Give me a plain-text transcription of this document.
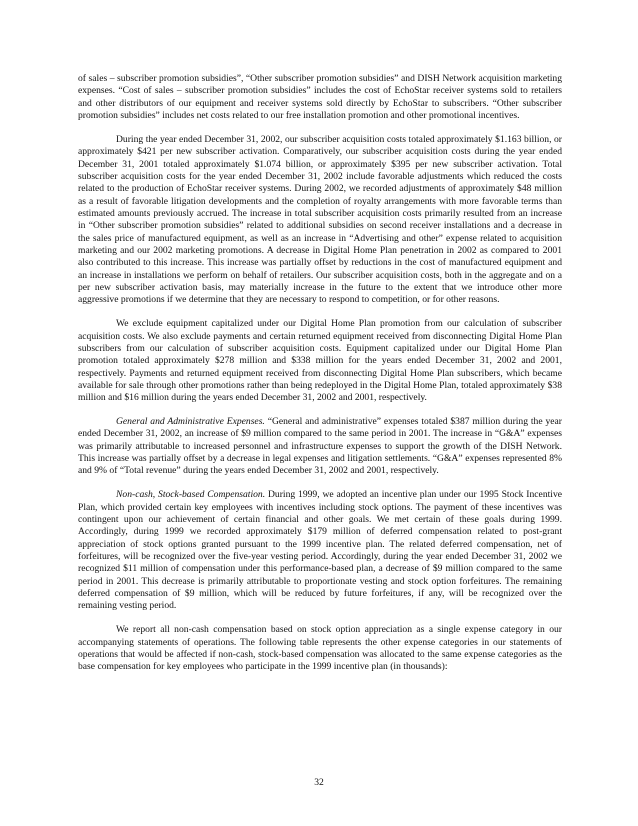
of sales – subscriber promotion subsidies”, “Other subscriber promotion subsidies” and DISH Network acquisition marketing expenses. “Cost of sales – subscriber promotion subsidies” includes the cost of EchoStar receiver systems sold to retailers and other distributors of our equipment and receiver systems sold directly by EchoStar to subscribers. “Other subscriber promotion subsidies” includes net costs related to our free installation promotion and other promotional incentives.

During the year ended December 31, 2002, our subscriber acquisition costs totaled approximately $1.163 billion, or approximately $421 per new subscriber activation. Comparatively, our subscriber acquisition costs during the year ended December 31, 2001 totaled approximately $1.074 billion, or approximately $395 per new subscriber activation. Total subscriber acquisition costs for the year ended December 31, 2002 include favorable adjustments which reduced the costs related to the production of EchoStar receiver systems. During 2002, we recorded adjustments of approximately $48 million as a result of favorable litigation developments and the completion of royalty arrangements with more favorable terms than estimated amounts previously accrued. The increase in total subscriber acquisition costs primarily resulted from an increase in “Other subscriber promotion subsidies” related to additional subsidies on second receiver installations and a decrease in the sales price of manufactured equipment, as well as an increase in “Advertising and other” expense related to acquisition marketing and our 2002 marketing promotions. A decrease in Digital Home Plan penetration in 2002 as compared to 2001 also contributed to this increase. This increase was partially offset by reductions in the cost of manufactured equipment and an increase in installations we perform on behalf of retailers. Our subscriber acquisition costs, both in the aggregate and on a per new subscriber activation basis, may materially increase in the future to the extent that we introduce other more aggressive promotions if we determine that they are necessary to respond to competition, or for other reasons.

We exclude equipment capitalized under our Digital Home Plan promotion from our calculation of subscriber acquisition costs. We also exclude payments and certain returned equipment received from disconnecting Digital Home Plan subscribers from our calculation of subscriber acquisition costs. Equipment capitalized under our Digital Home Plan promotion totaled approximately $278 million and $338 million for the years ended December 31, 2002 and 2001, respectively. Payments and returned equipment received from disconnecting Digital Home Plan subscribers, which became available for sale through other promotions rather than being redeployed in the Digital Home Plan, totaled approximately $38 million and $16 million during the years ended December 31, 2002 and 2001, respectively.

General and Administrative Expenses. “General and administrative” expenses totaled $387 million during the year ended December 31, 2002, an increase of $9 million compared to the same period in 2001. The increase in “G&A” expenses was primarily attributable to increased personnel and infrastructure expenses to support the growth of the DISH Network. This increase was partially offset by a decrease in legal expenses and litigation settlements. “G&A” expenses represented 8% and 9% of “Total revenue” during the years ended December 31, 2002 and 2001, respectively.

Non-cash, Stock-based Compensation. During 1999, we adopted an incentive plan under our 1995 Stock Incentive Plan, which provided certain key employees with incentives including stock options. The payment of these incentives was contingent upon our achievement of certain financial and other goals. We met certain of these goals during 1999. Accordingly, during 1999 we recorded approximately $179 million of deferred compensation related to post-grant appreciation of stock options granted pursuant to the 1999 incentive plan. The related deferred compensation, net of forfeitures, will be recognized over the five-year vesting period. Accordingly, during the year ended December 31, 2002 we recognized $11 million of compensation under this performance-based plan, a decrease of $9 million compared to the same period in 2001. This decrease is primarily attributable to proportionate vesting and stock option forfeitures. The remaining deferred compensation of $9 million, which will be reduced by future forfeitures, if any, will be recognized over the remaining vesting period.

We report all non-cash compensation based on stock option appreciation as a single expense category in our accompanying statements of operations. The following table represents the other expense categories in our statements of operations that would be affected if non-cash, stock-based compensation was allocated to the same expense categories as the base compensation for key employees who participate in the 1999 incentive plan (in thousands):

32
